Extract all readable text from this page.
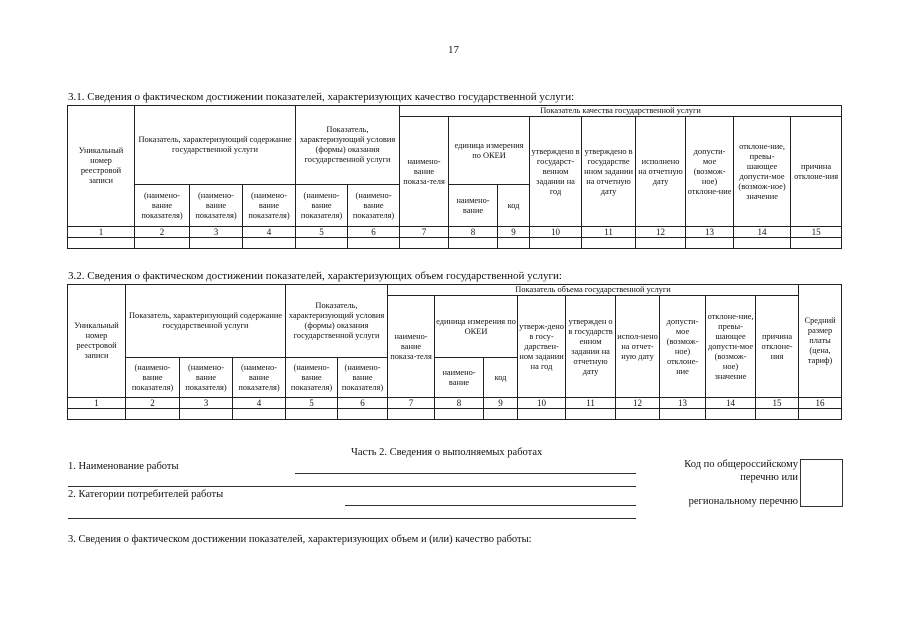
17
3.1. Сведения о фактическом достижении показателей, характеризующих качество государственной услуги:
Уникальный номер реестровой записи	Показатель, характеризующий содержание государственной услуги			Показатель, характеризующий условия (формы) оказания государственной услуги		Показатель качества государственной услуги								
						наимено-вание показа-теля	единица измерения по ОКЕИ		утверждено в государст-венном задании на год	утверждено в государстве нном задании на отчетную дату	исполнено на отчетную дату	допусти-мое (возмож-ное) отклоне-ние	отклоне-ние, превы-шающее допусти-мое (возмож-ное) значение	причина отклоне-ния
	(наимено-вание показателя)	(наимено-вание показателя)	(наимено-вание показателя)	(наимено-вание показателя)	(наимено-вание показателя)		наимено-вание	код						
1	2	3	4	5	6	7	8	9	10	11	12	13	14	15

3.2. Сведения о фактическом достижении показателей, характеризующих объем государственной услуги:
Уникальный номер реестровой записи	Показатель, характеризующий содержание государственной услуги			Показатель, характеризующий условия (формы) оказания государственной услуги		Показатель объема государственной услуги									Средний размер платы (цена, тариф)
						наимено-вание показа-теля	единица измерения по ОКЕИ		утверж-дено в госу-дарствен-ном задании на год	утвержден о в государств енном задании на отчетную дату	испол-нено на отчет-ную дату	допусти-мое (возмож-ное) отклоне-ние	отклоне-ние, превы-шающее допусти-мое (возмож-ное) значение	причина отклоне-ния	
	(наимено-вание показателя)	(наимено-вание показателя)	(наимено-вание показателя)	(наимено-вание показателя)	(наимено-вание показателя)		наимено-вание	код							
1	2	3	4	5	6	7	8	9	10	11	12	13	14	15	16

Часть 2. Сведения о выполняемых работах
1. Наименование работы
2. Категории потребителей работы
Код по общероссийскому
перечню или
региональному перечню
3. Сведения о фактическом достижении показателей, характеризующих объем и (или) качество работы:
